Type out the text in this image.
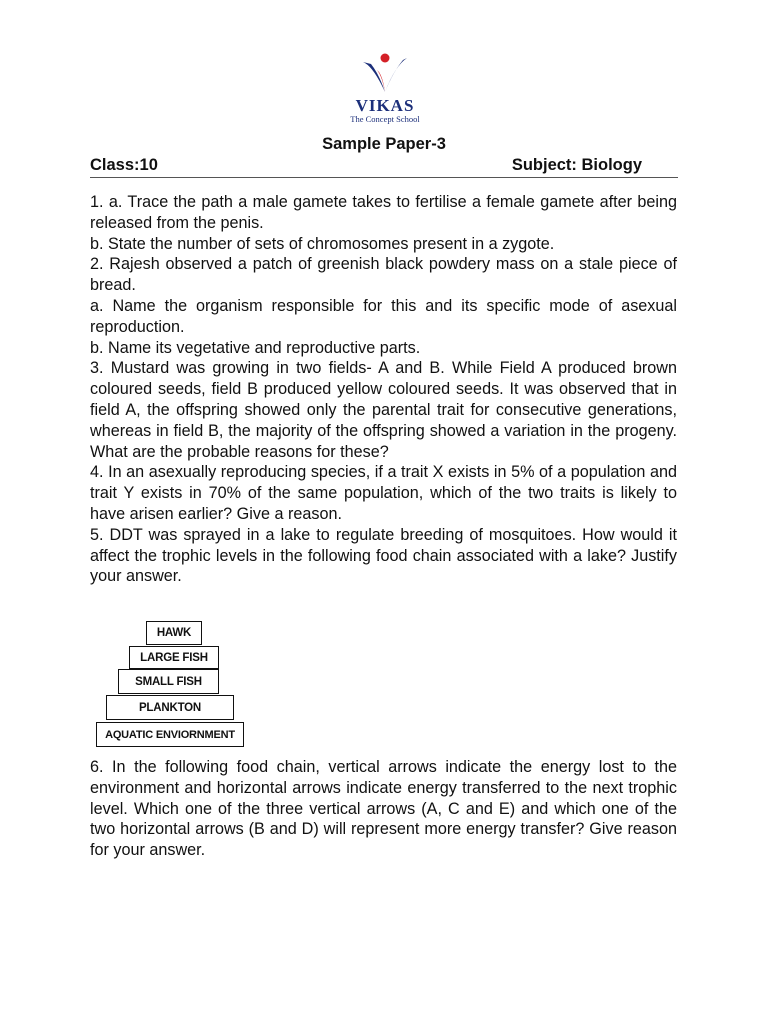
VIKAS
The Concept School
Sample Paper-3
Class:10	Subject: Biology

1. a. Trace the path a male gamete takes to fertilise a female gamete after being released from the penis.

b. State the number of sets of chromosomes present in a zygote.

2. Rajesh observed a patch of greenish black powdery mass on a stale piece of bread.

a. Name the organism responsible for this and its specific mode of asexual reproduction.

b. Name its vegetative and reproductive parts.

3. Mustard was growing in two fields- A and B. While Field A produced brown coloured seeds, field B produced yellow coloured seeds. It was observed that in field A, the offspring showed only the parental trait for consecutive generations, whereas in field B, the majority of the offspring showed a variation in the progeny. What are the probable reasons for these?

4. In an asexually reproducing species, if a trait X exists in 5% of a population and trait Y exists in 70% of the same population, which of the two traits is likely to have arisen earlier? Give a reason.

5. DDT was sprayed in a lake to regulate breeding of mosquitoes. How would it affect the trophic levels in the following food chain associated with a lake? Justify your answer.

HAWK
LARGE FISH
SMALL FISH
PLANKTON
AQUATIC ENVIORNMENT

6. In the following food chain, vertical arrows indicate the energy lost to the environment and horizontal arrows indicate energy transferred to the next trophic level. Which one of the three vertical arrows (A, C and E) and which one of the two horizontal arrows (B and D) will represent more energy transfer? Give reason for your answer.
